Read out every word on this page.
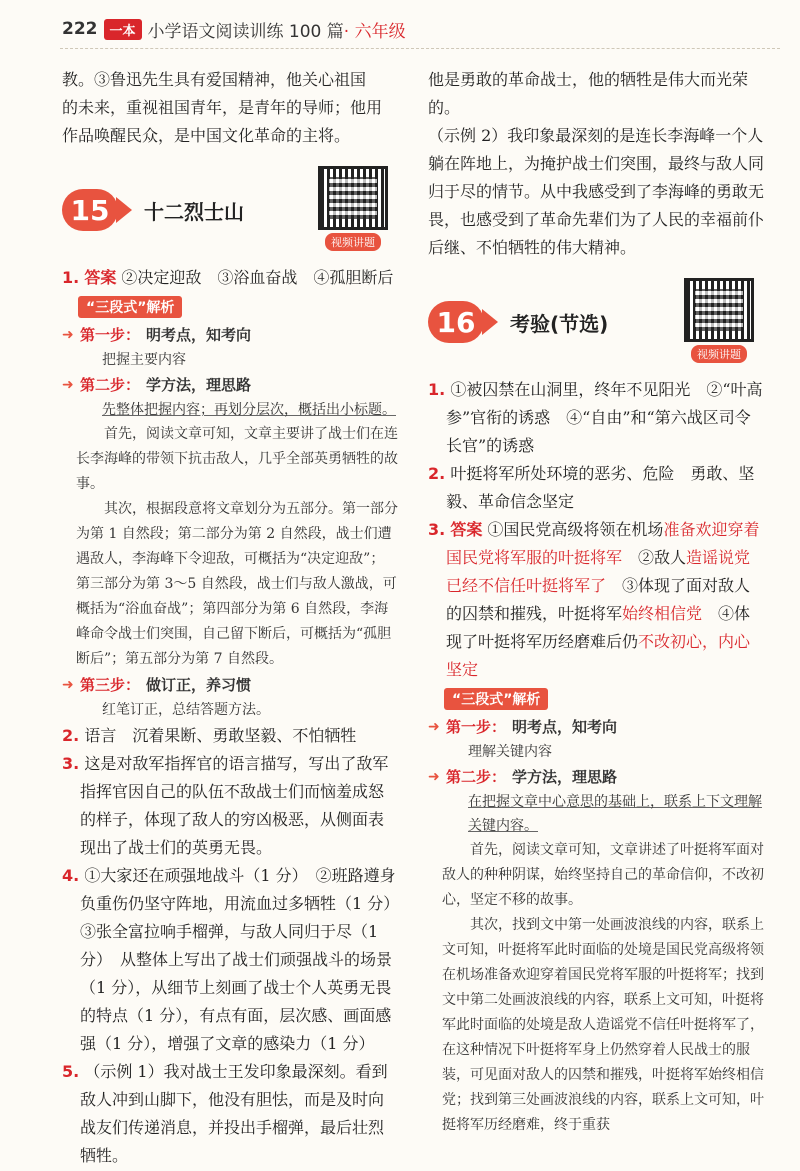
222 一本 小学语文阅读训练 100 篇 · 六年级

教。③鲁迅先生具有爱国精神，他关心祖国

的未来，重视祖国青年，是青年的导师；他用

作品唤醒民众，是中国文化革命的主将。

15	十二烈士山
视频讲题

1. 答案 ②决定迎敌　③浴血奋战　④孤胆断后

“三段式”解析

➜ 第一步： 明考点，知考向

把握主要内容

➜ 第二步： 学方法，理思路

先整体把握内容；再划分层次，概括出小标题。

首先，阅读文章可知，文章主要讲了战士们在连长李海峰的带领下抗击敌人，几乎全部英勇牺牲的故事。

其次，根据段意将文章划分为五部分。第一部分为第 1 自然段；第二部分为第 2 自然段，战士们遭遇敌人，李海峰下令迎敌，可概括为“决定迎敌”；第三部分为第 3～5 自然段，战士们与敌人激战，可概括为“浴血奋战”；第四部分为第 6 自然段，李海峰命令战士们突围，自己留下断后，可概括为“孤胆断后”；第五部分为第 7 自然段。

➜ 第三步： 做订正，养习惯

红笔订正，总结答题方法。

2. 语言　沉着果断、勇敢坚毅、不怕牺牲

3. 这是对敌军指挥官的语言描写，写出了敌军指挥官因自己的队伍不敌战士们而恼羞成怒的样子，体现了敌人的穷凶极恶，从侧面表现出了战士们的英勇无畏。

4. ①大家还在顽强地战斗（1 分）　②班路遵身负重伤仍坚守阵地，用流血过多牺牲（1 分）　③张全富拉响手榴弹，与敌人同归于尽（1 分）　从整体上写出了战士们顽强战斗的场景（1 分），从细节上刻画了战士个人英勇无畏的特点（1 分），有点有面，层次感、画面感强（1 分），增强了文章的感染力（1 分）

5. （示例 1）我对战士王发印象最深刻。看到敌人冲到山脚下，他没有胆怯，而是及时向战友们传递消息，并投出手榴弹，最后壮烈牺牲。

他是勇敢的革命战士，他的牺牲是伟大而光荣的。

（示例 2）我印象最深刻的是连长李海峰一个人躺在阵地上，为掩护战士们突围，最终与敌人同归于尽的情节。从中我感受到了李海峰的勇敢无畏，也感受到了革命先辈们为了人民的幸福前仆后继、不怕牺牲的伟大精神。

16	考验(节选)
视频讲题

1. ①被囚禁在山洞里，终年不见阳光　②“叶高参”官衔的诱惑　④“自由”和“第六战区司令长官”的诱惑

2. 叶挺将军所处环境的恶劣、危险　勇敢、坚毅、革命信念坚定

3. 答案 ①国民党高级将领在机场准备欢迎穿着国民党将军服的叶挺将军　②敌人造谣说党已经不信任叶挺将军了　③体现了面对敌人的囚禁和摧残，叶挺将军始终相信党　④体现了叶挺将军历经磨难后仍不改初心，内心坚定

“三段式”解析

➜ 第一步： 明考点，知考向

理解关键内容

➜ 第二步： 学方法，理思路

在把握文章中心意思的基础上，联系上下文理解关键内容。

首先，阅读文章可知，文章讲述了叶挺将军面对敌人的种种阴谋，始终坚持自己的革命信仰，不改初心，坚定不移的故事。

其次，找到文中第一处画波浪线的内容，联系上文可知，叶挺将军此时面临的处境是国民党高级将领在机场准备欢迎穿着国民党将军服的叶挺将军；找到文中第二处画波浪线的内容，联系上文可知，叶挺将军此时面临的处境是敌人造谣党不信任叶挺将军了，在这种情况下叶挺将军身上仍然穿着人民战士的服装，可见面对敌人的囚禁和摧残，叶挺将军始终相信党；找到第三处画波浪线的内容，联系上文可知，叶挺将军历经磨难，终于重获
